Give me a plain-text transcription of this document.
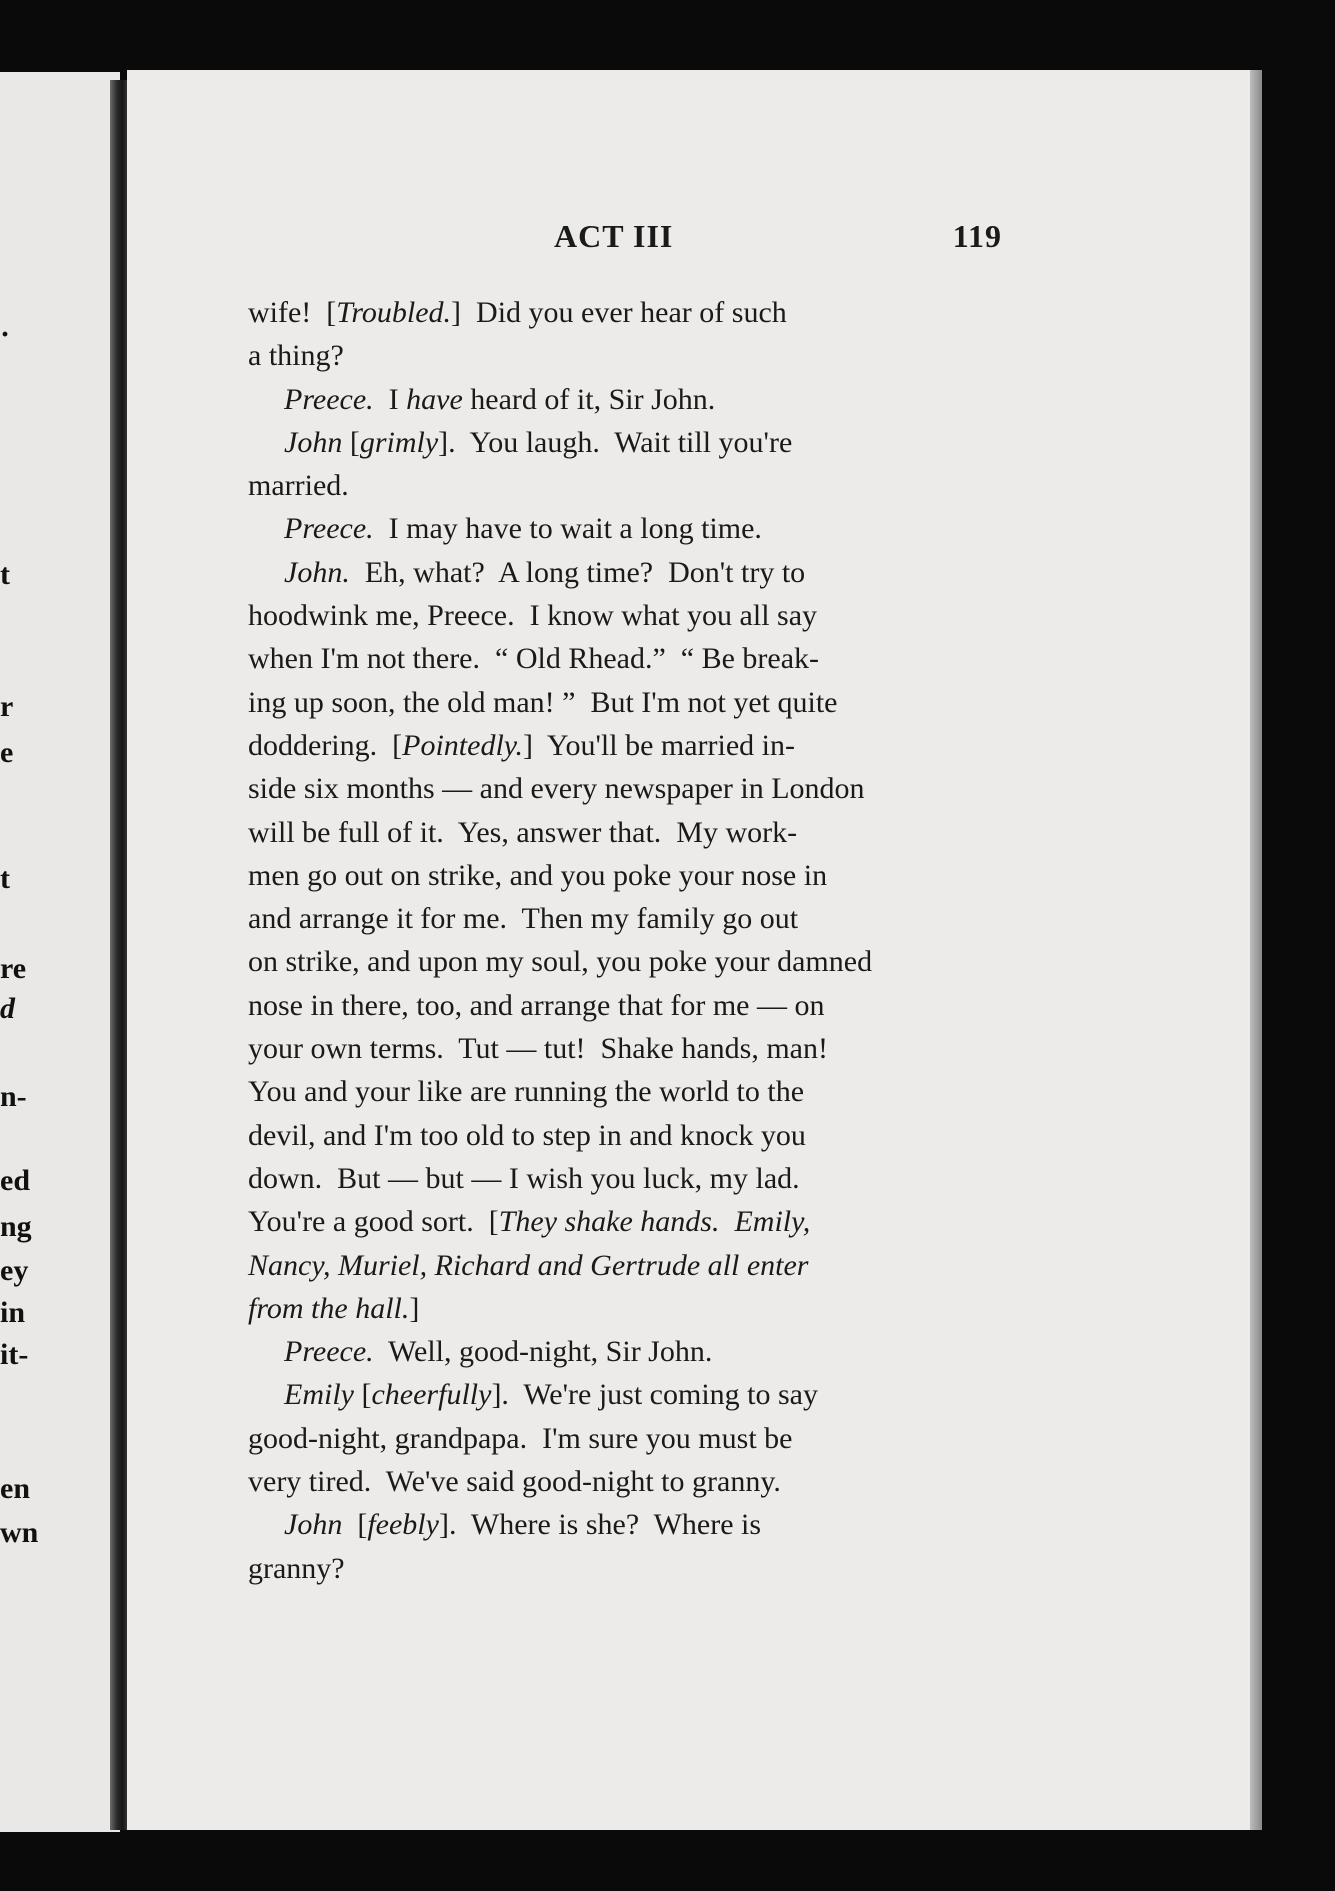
·
t
r
e
t
re
d
n-
ed
ng
ey
in
it-
en
wn
ACT III	119
wife!  [Troubled.]  Did you ever hear of such
a thing?
Preece.  I have heard of it, Sir John.
John [grimly].  You laugh.  Wait till you're
married.
Preece.  I may have to wait a long time.
John.  Eh, what?  A long time?  Don't try to
hoodwink me, Preece.  I know what you all say
when I'm not there.  “ Old Rhead.”  “ Be break-
ing up soon, the old man! ”  But I'm not yet quite
doddering.  [Pointedly.]  You'll be married in-
side six months — and every newspaper in London
will be full of it.  Yes, answer that.  My work-
men go out on strike, and you poke your nose in
and arrange it for me.  Then my family go out
on strike, and upon my soul, you poke your damned
nose in there, too, and arrange that for me — on
your own terms.  Tut — tut!  Shake hands, man!
You and your like are running the world to the
devil, and I'm too old to step in and knock you
down.  But — but — I wish you luck, my lad.
You're a good sort.  [They shake hands.  Emily,
Nancy, Muriel, Richard and Gertrude all enter
from the hall.]
Preece.  Well, good-night, Sir John.
Emily [cheerfully].  We're just coming to say
good-night, grandpapa.  I'm sure you must be
very tired.  We've said good-night to granny.
John  [feebly].  Where is she?  Where is
granny?
